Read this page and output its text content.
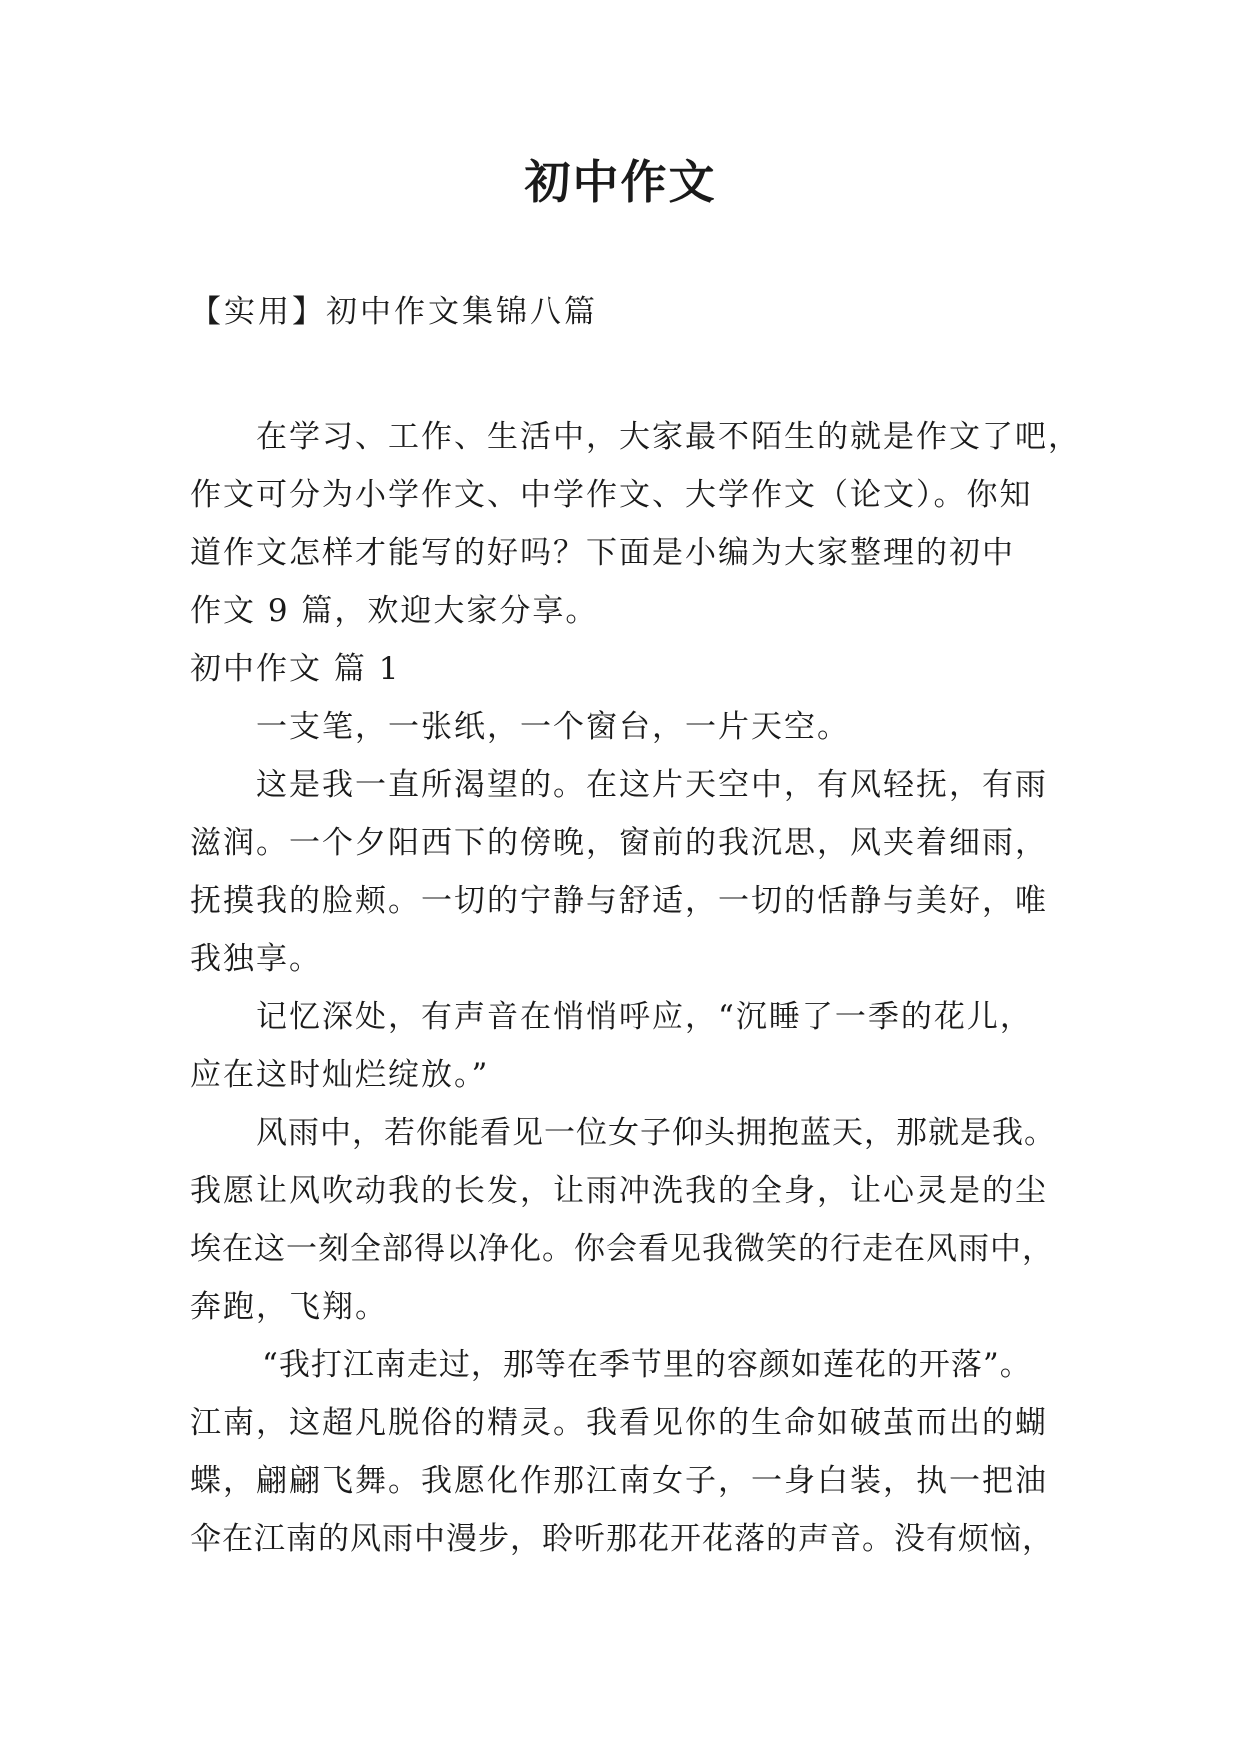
初中作文
【实用】初中作文集锦八篇
在学习、工作、生活中，大家最不陌生的就是作文了吧，
作文可分为小学作文、中学作文、大学作文（论文）。你知
道作文怎样才能写的好吗？下面是小编为大家整理的初中
作文 9 篇，欢迎大家分享。
初中作文 篇 1
一支笔，一张纸，一个窗台，一片天空。
这是我一直所渴望的。在这片天空中，有风轻抚，有雨
滋润。一个夕阳西下的傍晚，窗前的我沉思，风夹着细雨，
抚摸我的脸颊。一切的宁静与舒适，一切的恬静与美好，唯
我独享。
记忆深处，有声音在悄悄呼应，“沉睡了一季的花儿，
应在这时灿烂绽放。”
风雨中，若你能看见一位女子仰头拥抱蓝天，那就是我。
我愿让风吹动我的长发，让雨冲洗我的全身，让心灵是的尘
埃在这一刻全部得以净化。你会看见我微笑的行走在风雨中，
奔跑，飞翔。
“我打江南走过，那等在季节里的容颜如莲花的开落”。
江南，这超凡脱俗的精灵。我看见你的生命如破茧而出的蝴
蝶，翩翩飞舞。我愿化作那江南女子，一身白装，执一把油
伞在江南的风雨中漫步，聆听那花开花落的声音。没有烦恼，
